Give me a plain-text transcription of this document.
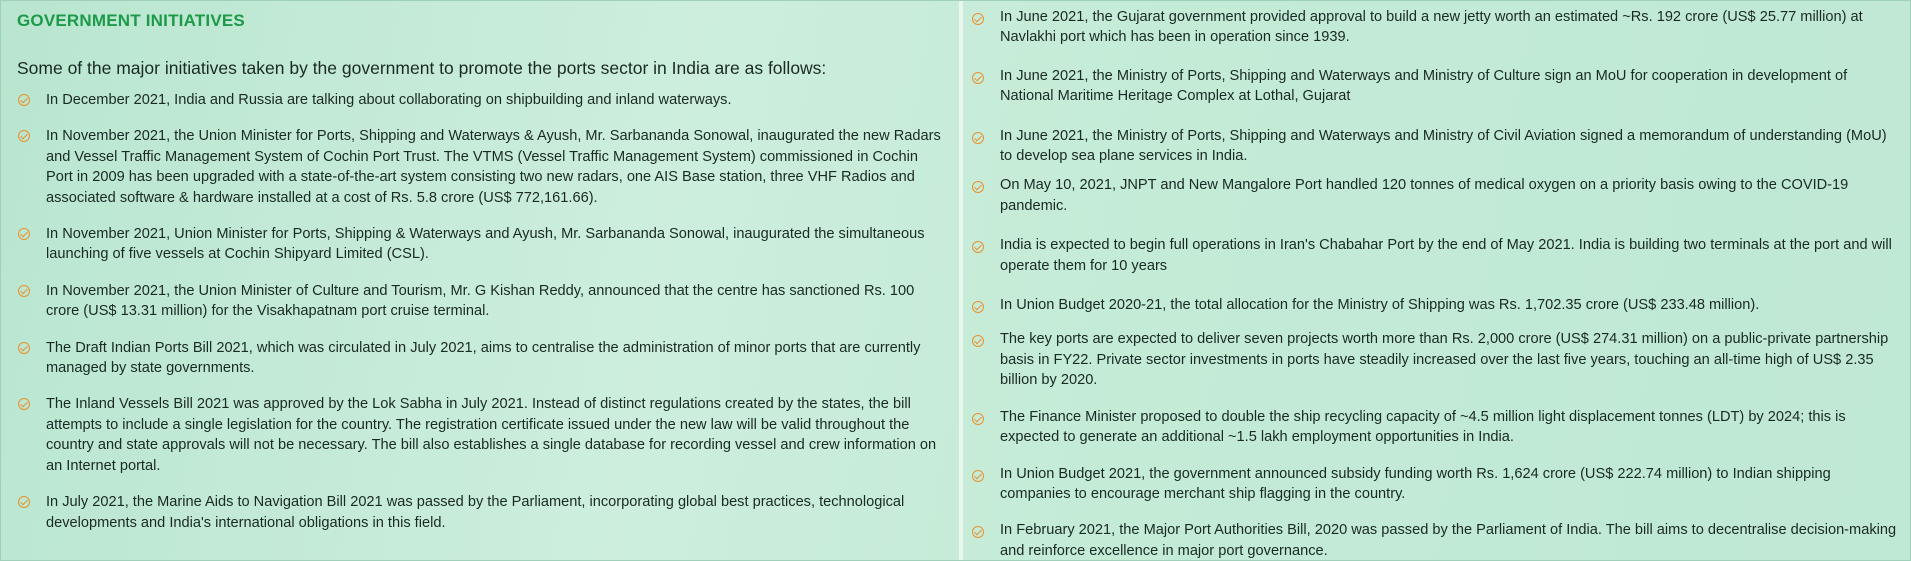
GOVERNMENT INITIATIVES
Some of the major initiatives taken by the government to promote the ports sector in India are as follows:
In December 2021, India and Russia are talking about collaborating on shipbuilding and inland waterways.
In November 2021, the Union Minister for Ports, Shipping and Waterways & Ayush, Mr. Sarbananda Sonowal, inaugurated the new Radars and Vessel Traffic Management System of Cochin Port Trust. The VTMS (Vessel Traffic Management System) commissioned in Cochin Port in 2009 has been upgraded with a state-of-the-art system consisting two new radars, one AIS Base station, three VHF Radios and associated software & hardware installed at a cost of Rs. 5.8 crore (US$ 772,161.66).
In November 2021, Union Minister for Ports, Shipping & Waterways and Ayush, Mr. Sarbananda Sonowal, inaugurated the simultaneous launching of five vessels at Cochin Shipyard Limited (CSL).
In November 2021, the Union Minister of Culture and Tourism, Mr. G Kishan Reddy, announced that the centre has sanctioned Rs. 100 crore (US$ 13.31 million) for the Visakhapatnam port cruise terminal.
The Draft Indian Ports Bill 2021, which was circulated in July 2021, aims to centralise the administration of minor ports that are currently managed by state governments.
The Inland Vessels Bill 2021 was approved by the Lok Sabha in July 2021. Instead of distinct regulations created by the states, the bill attempts to include a single legislation for the country. The registration certificate issued under the new law will be valid throughout the country and state approvals will not be necessary. The bill also establishes a single database for recording vessel and crew information on an Internet portal.
In July 2021, the Marine Aids to Navigation Bill 2021 was passed by the Parliament, incorporating global best practices, technological developments and India's international obligations in this field.
In June 2021, the Gujarat government provided approval to build a new jetty worth an estimated ~Rs. 192 crore (US$ 25.77 million) at Navlakhi port which has been in operation since 1939.
In June 2021, the Ministry of Ports, Shipping and Waterways and Ministry of Culture sign an MoU for cooperation in development of National Maritime Heritage Complex at Lothal, Gujarat
In June 2021, the Ministry of Ports, Shipping and Waterways and Ministry of Civil Aviation signed a memorandum of understanding (MoU) to develop sea plane services in India.
On May 10, 2021, JNPT and New Mangalore Port handled 120 tonnes of medical oxygen on a priority basis owing to the COVID-19 pandemic.
India is expected to begin full operations in Iran's Chabahar Port by the end of May 2021. India is building two terminals at the port and will operate them for 10 years
In Union Budget 2020-21, the total allocation for the Ministry of Shipping was Rs. 1,702.35 crore (US$ 233.48 million).
The key ports are expected to deliver seven projects worth more than Rs. 2,000 crore (US$ 274.31 million) on a public-private partnership basis in FY22. Private sector investments in ports have steadily increased over the last five years, touching an all-time high of US$ 2.35 billion by 2020.
The Finance Minister proposed to double the ship recycling capacity of ~4.5 million light displacement tonnes (LDT) by 2024; this is expected to generate an additional ~1.5 lakh employment opportunities in India.
In Union Budget 2021, the government announced subsidy funding worth Rs. 1,624 crore (US$ 222.74 million) to Indian shipping companies to encourage merchant ship flagging in the country.
In February 2021, the Major Port Authorities Bill, 2020 was passed by the Parliament of India. The bill aims to decentralise decision-making and reinforce excellence in major port governance.
